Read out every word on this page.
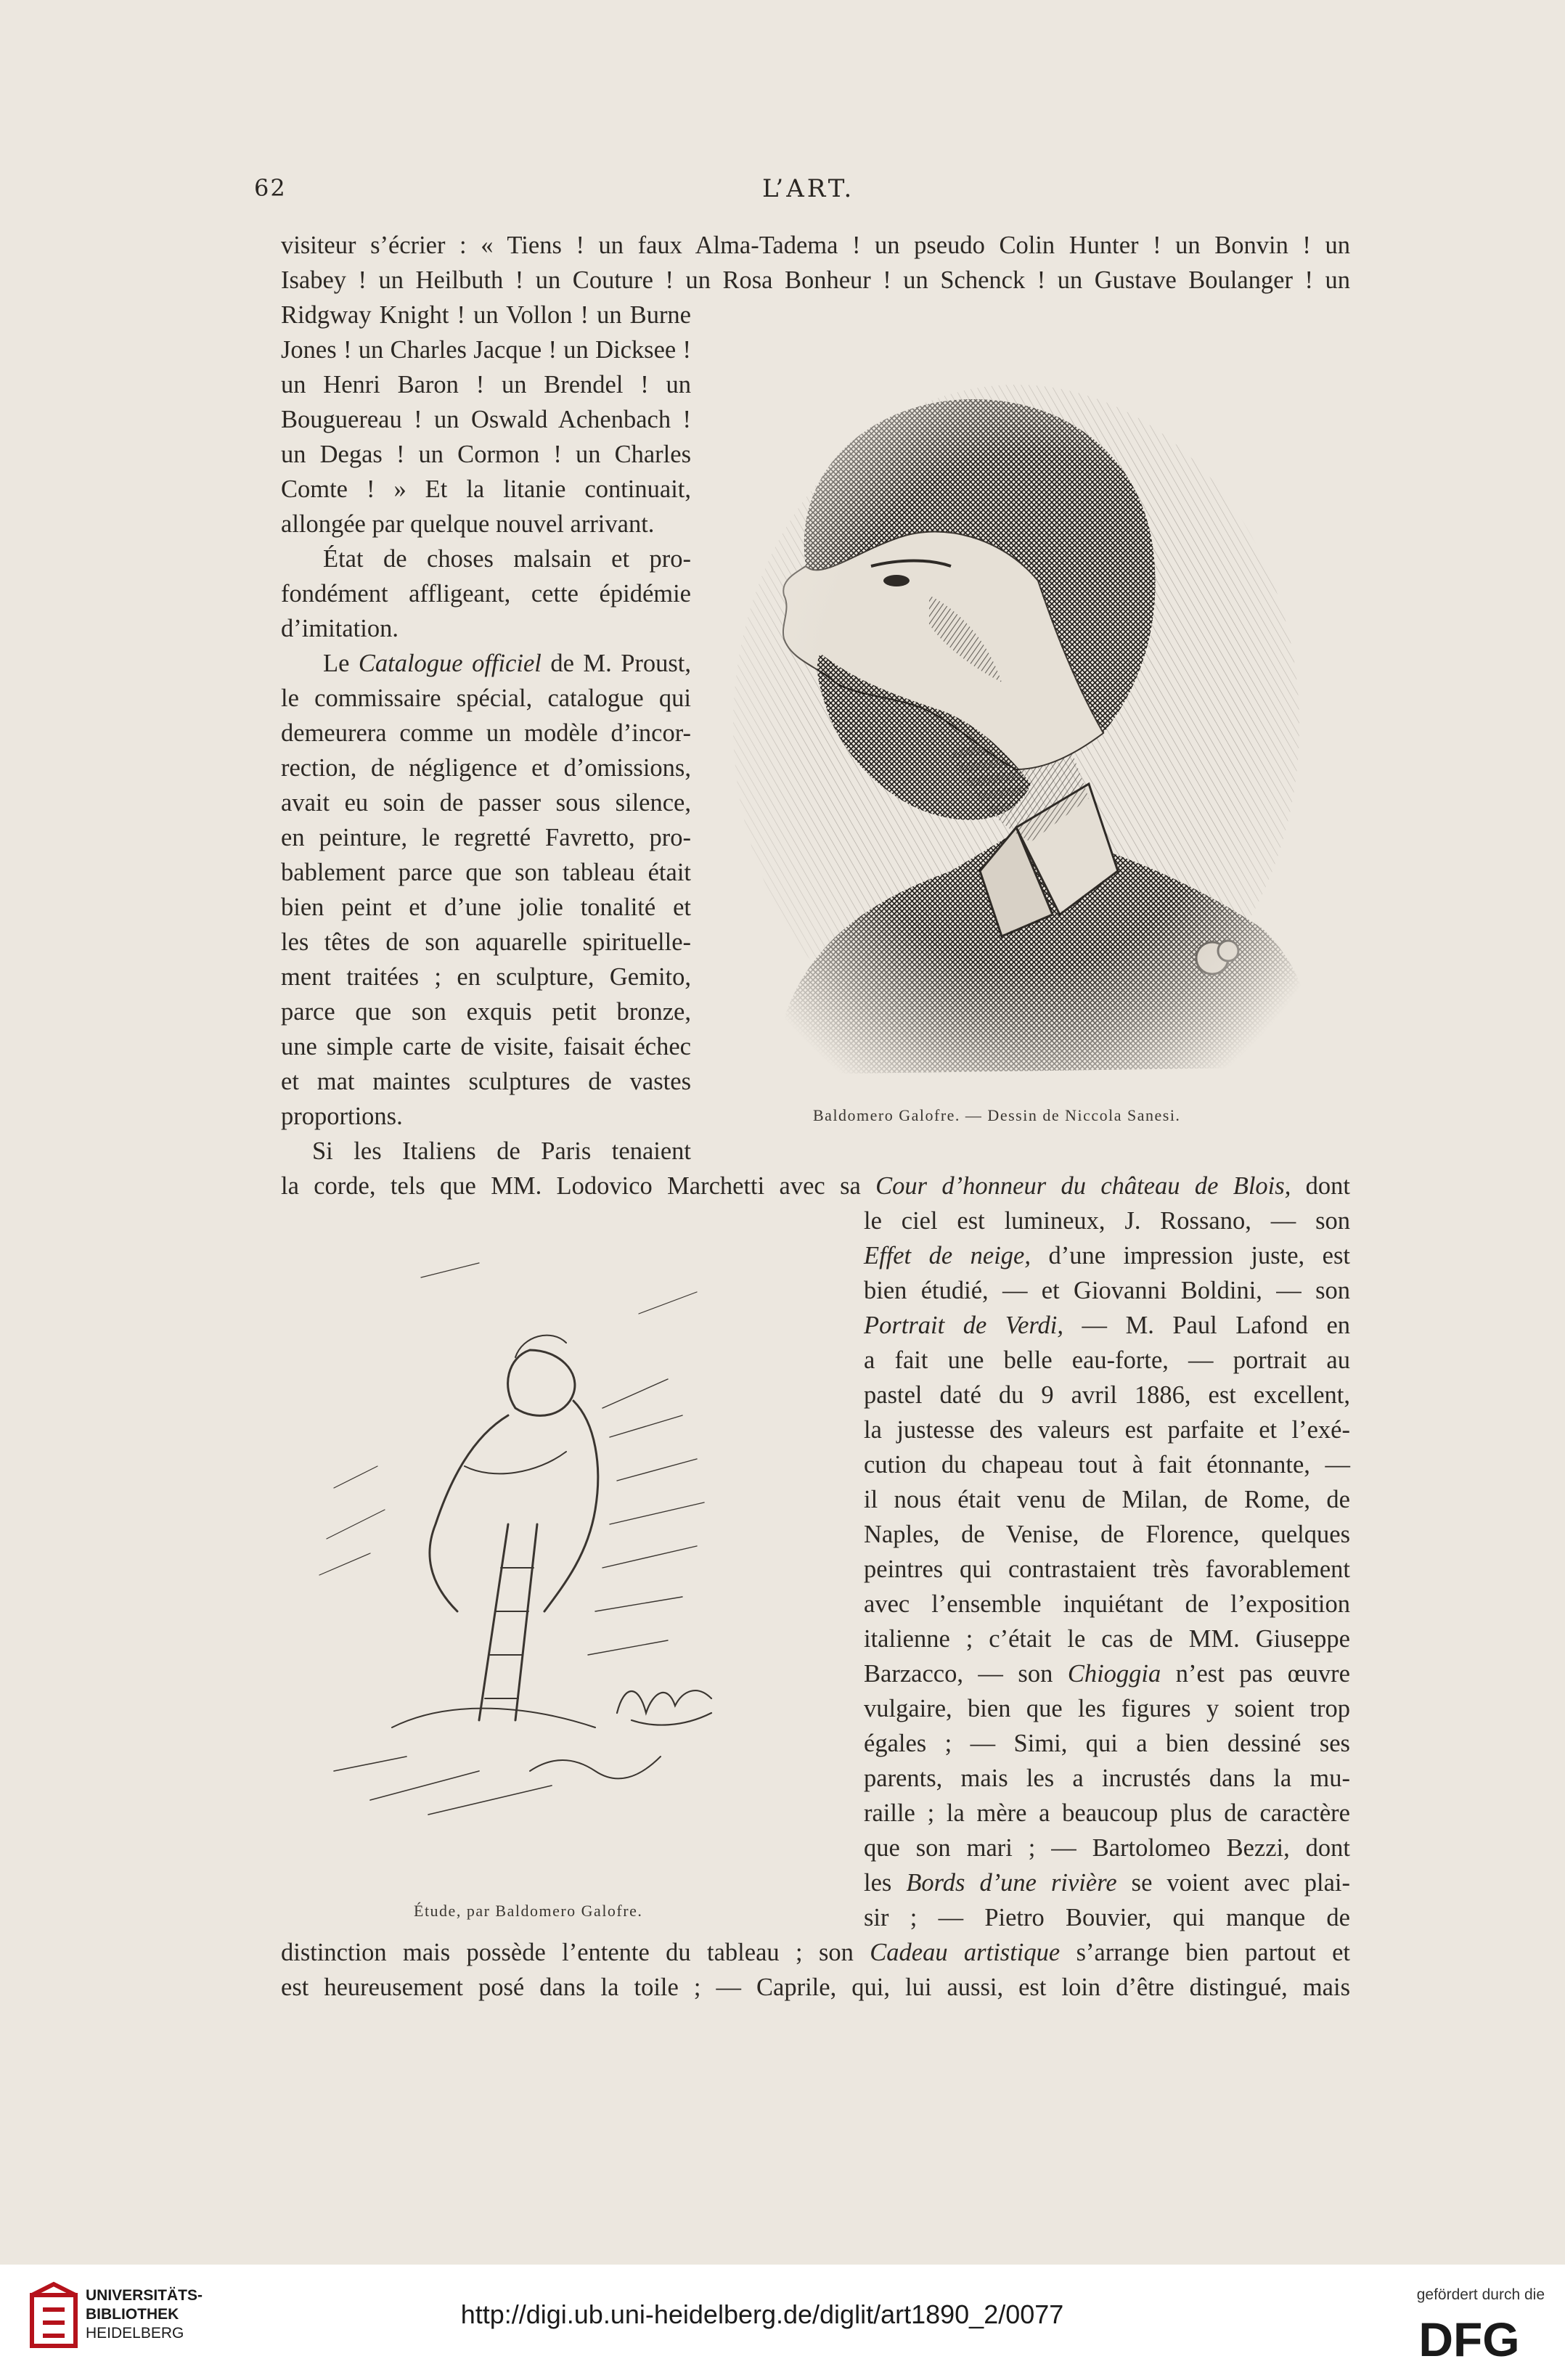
62	L’ART.
visiteur s’écrier : « Tiens ! un faux Alma-Tadema ! un pseudo Colin Hunter ! un Bonvin ! un
Isabey ! un Heilbuth ! un Couture ! un Rosa Bonheur ! un Schenck ! un Gustave Boulanger ! un
Ridgway Knight ! un Vollon ! un Burne
Jones ! un Charles Jacque ! un Dicksee !
un Henri Baron ! un Brendel ! un
Bouguereau ! un Oswald Achenbach !
un Degas ! un Cormon ! un Charles
Comte ! » Et la litanie continuait,
allongée par quelque nouvel arrivant.
État de choses malsain et pro-
fondément affligeant, cette épidémie
d’imitation.
Le Catalogue officiel de M. Proust,
le commissaire spécial, catalogue qui
demeurera comme un modèle d’incor-
rection, de négligence et d’omissions,
avait eu soin de passer sous silence,
en peinture, le regretté Favretto, pro-
bablement parce que son tableau était
bien peint et d’une jolie tonalité et
les têtes de son aquarelle spirituelle-
ment traitées ; en sculpture, Gemito,
parce que son exquis petit bronze,
une simple carte de visite, faisait échec
et mat maintes sculptures de vastes
proportions.
Si les Italiens de Paris tenaient
la corde, tels que MM. Lodovico Marchetti avec sa Cour d’honneur du château de Blois, dont
le ciel est lumineux, J. Rossano, — son
Effet de neige, d’une impression juste, est
bien étudié, — et Giovanni Boldini, — son
Portrait de Verdi, — M. Paul Lafond en
a fait une belle eau-forte, — portrait au
pastel daté du 9 avril 1886, est excellent,
la justesse des valeurs est parfaite et l’exé-
cution du chapeau tout à fait étonnante, —
il nous était venu de Milan, de Rome, de
Naples, de Venise, de Florence, quelques
peintres qui contrastaient très favorablement
avec l’ensemble inquiétant de l’exposition
italienne ; c’était le cas de MM. Giuseppe
Barzacco, — son Chioggia n’est pas œuvre
vulgaire, bien que les figures y soient trop
égales ; — Simi, qui a bien dessiné ses
parents, mais les a incrustés dans la mu-
raille ; la mère a beaucoup plus de caractère
que son mari ; — Bartolomeo Bezzi, dont
les Bords d’une rivière se voient avec plai-
sir ; — Pietro Bouvier, qui manque de
distinction mais possède l’entente du tableau ; son Cadeau artistique s’arrange bien partout et
est heureusement posé dans la toile ; — Caprile, qui, lui aussi, est loin d’être distingué, mais
Baldomero Galofre. — Dessin de Niccola Sanesi.
Étude, par Baldomero Galofre.
UNIVERSITÄTS-
BIBLIOTHEK
HEIDELBERG
http://digi.ub.uni-heidelberg.de/diglit/art1890_2/0077
gefördert durch die
DFG
